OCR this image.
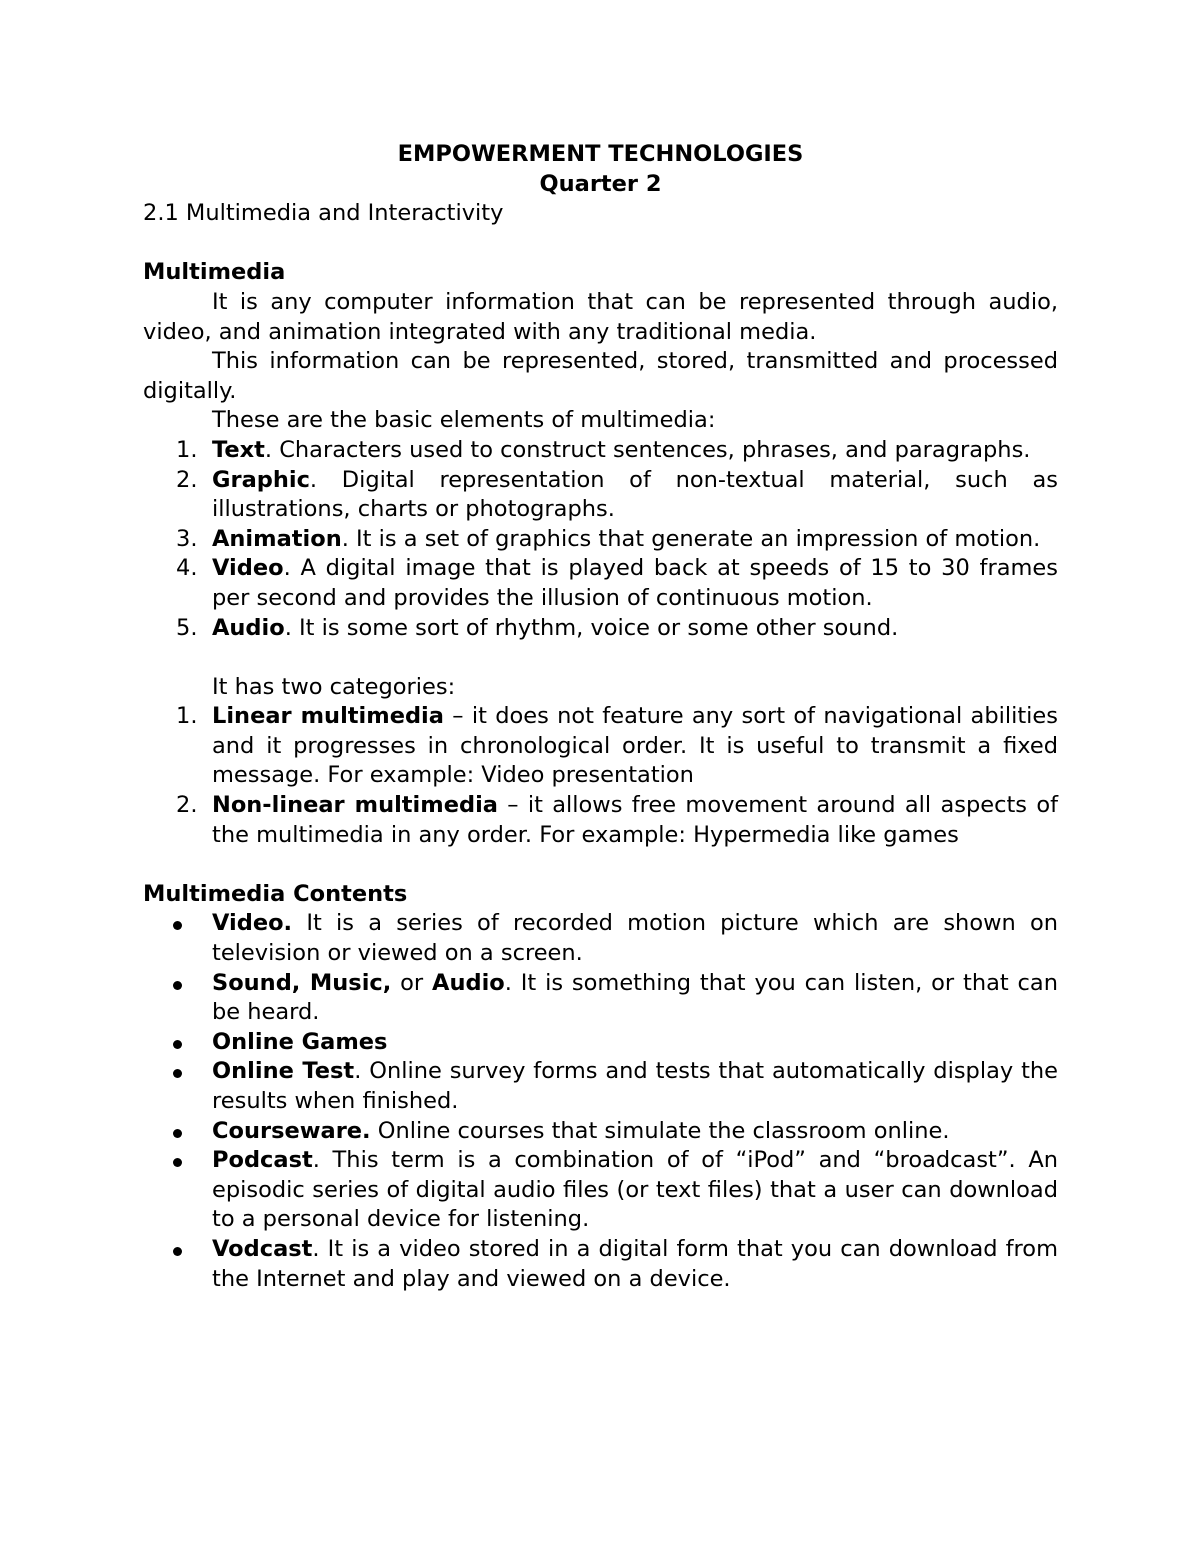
EMPOWERMENT TECHNOLOGIES

Quarter 2

2.1 Multimedia and Interactivity

Multimedia

It is any computer information that can be represented through audio, video, and animation integrated with any traditional media.

This information can be represented, stored, transmitted and processed digitally.

These are the basic elements of multimedia:

1. Text. Characters used to construct sentences, phrases, and paragraphs.
2. Graphic. Digital representation of non-textual material, such as illustrations, charts or photographs.
3. Animation. It is a set of graphics that generate an impression of motion.
4. Video. A digital image that is played back at speeds of 15 to 30 frames per second and provides the illusion of continuous motion.
5. Audio. It is some sort of rhythm, voice or some other sound.

It has two categories:

1. Linear multimedia – it does not feature any sort of navigational abilities and it progresses in chronological order. It is useful to transmit a fixed message. For example: Video presentation
2. Non-linear multimedia – it allows free movement around all aspects of the multimedia in any order. For example: Hypermedia like games

Multimedia Contents

Video. It is a series of recorded motion picture which are shown on television or viewed on a screen.
Sound, Music, or Audio. It is something that you can listen, or that can be heard.
Online Games
Online Test. Online survey forms and tests that automatically display the results when finished.
Courseware. Online courses that simulate the classroom online.
Podcast. This term is a combination of of “iPod” and “broadcast”. An episodic series of digital audio files (or text files) that a user can download to a personal device for listening.
Vodcast. It is a video stored in a digital form that you can download from the Internet and play and viewed on a device.
